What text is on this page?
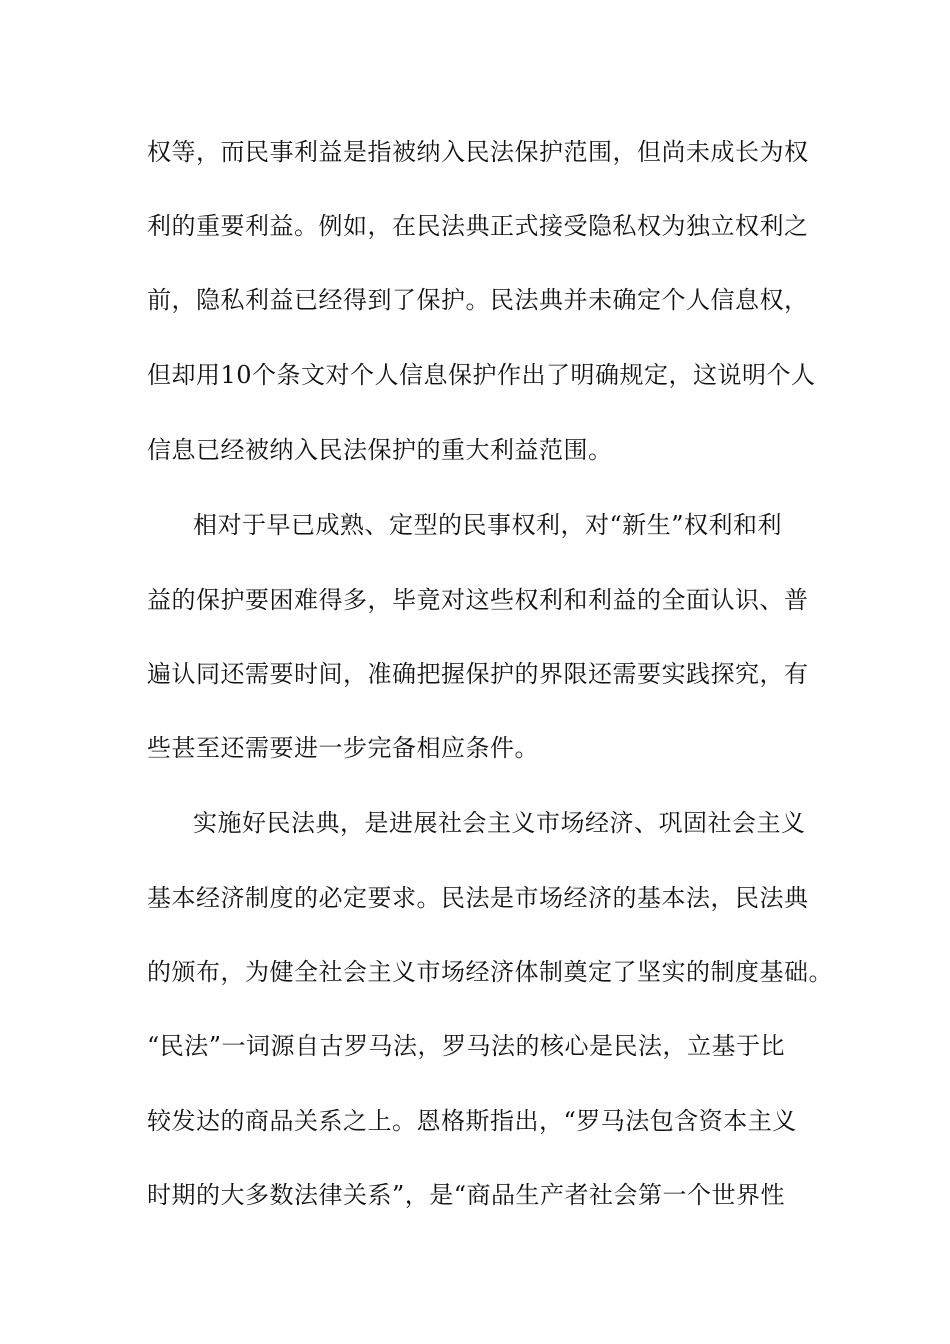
权等，而民事利益是指被纳入民法保护范围，但尚未成长为权
利的重要利益。例如，在民法典正式接受隐私权为独立权利之
前，隐私利益已经得到了保护。民法典并未确定个人信息权，
但却用10个条文对个人信息保护作出了明确规定，这说明个人
信息已经被纳入民法保护的重大利益范围。
相对于早已成熟、定型的民事权利，对“新生”权利和利
益的保护要困难得多，毕竟对这些权利和利益的全面认识、普
遍认同还需要时间，准确把握保护的界限还需要实践探究，有
些甚至还需要进一步完备相应条件。
实施好民法典，是进展社会主义市场经济、巩固社会主义
基本经济制度的必定要求。民法是市场经济的基本法，民法典
的颁布，为健全社会主义市场经济体制奠定了坚实的制度基础。
“民法”一词源自古罗马法，罗马法的核心是民法，立基于比
较发达的商品关系之上。恩格斯指出，“罗马法包含资本主义
时期的大多数法律关系”，是“商品生产者社会第一个世界性
